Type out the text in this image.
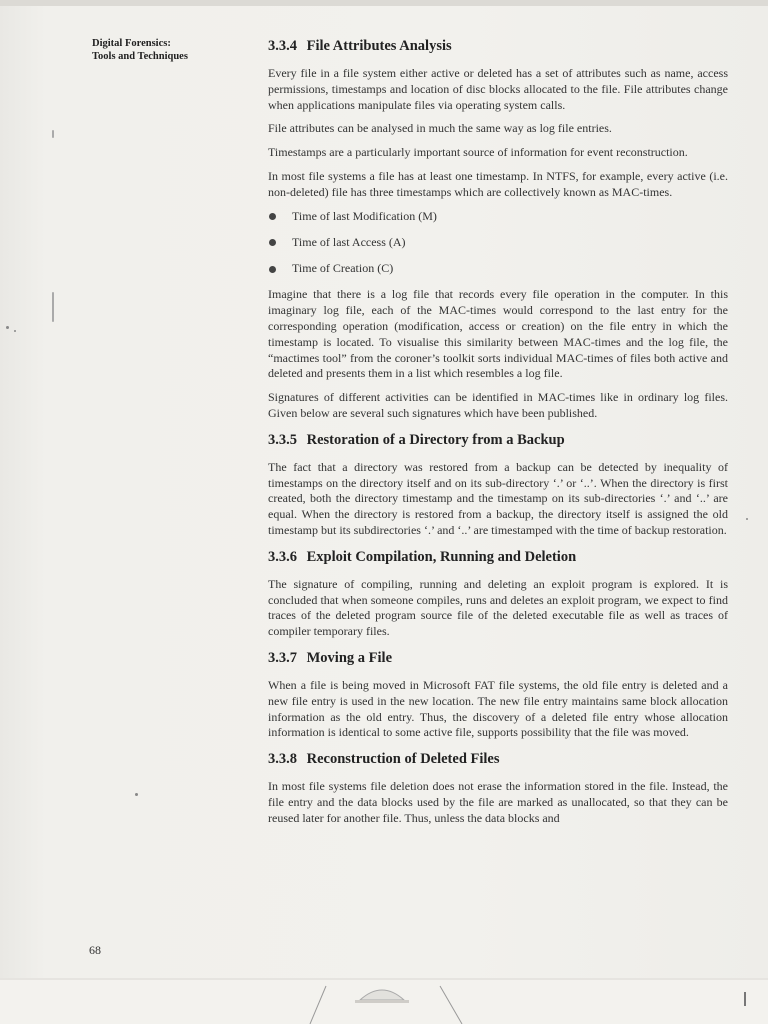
Digital Forensics:
Tools and Techniques
3.3.4 File Attributes Analysis

Every file in a file system either active or deleted has a set of attributes such as name, access permissions, timestamps and location of disc blocks allocated to the file. File attributes change when applications manipulate files via operating system calls.

File attributes can be analysed in much the same way as log file entries.

Timestamps are a particularly important source of information for event reconstruction.

In most file systems a file has at least one timestamp. In NTFS, for example, every active (i.e. non-deleted) file has three timestamps which are collectively known as MAC-times.

Time of last Modification (M)
Time of last Access (A)
Time of Creation (C)

Imagine that there is a log file that records every file operation in the computer. In this imaginary log file, each of the MAC-times would correspond to the last entry for the corresponding operation (modification, access or creation) on the file entry in which the timestamp is located. To visualise this similarity between MAC-times and the log file, the “mactimes tool” from the coroner’s toolkit sorts individual MAC-times of files both active and deleted and presents them in a list which resembles a log file.

Signatures of different activities can be identified in MAC-times like in ordinary log files. Given below are several such signatures which have been published.

3.3.5 Restoration of a Directory from a Backup

The fact that a directory was restored from a backup can be detected by inequality of timestamps on the directory itself and on its sub-directory ‘.’ or ‘..’. When the directory is first created, both the directory timestamp and the timestamp on its sub-directories ‘.’ and ‘..’ are equal. When the directory is restored from a backup, the directory itself is assigned the old timestamp but its subdirectories ‘.’ and ‘..’ are timestamped with the time of backup restoration.

3.3.6 Exploit Compilation, Running and Deletion

The signature of compiling, running and deleting an exploit program is explored. It is concluded that when someone compiles, runs and deletes an exploit program, we expect to find traces of the deleted program source file of the deleted executable file as well as traces of compiler temporary files.

3.3.7 Moving a File

When a file is being moved in Microsoft FAT file systems, the old file entry is deleted and a new file entry is used in the new location. The new file entry maintains same block allocation information as the old entry. Thus, the discovery of a deleted file entry whose allocation information is identical to some active file, supports possibility that the file was moved.

3.3.8 Reconstruction of Deleted Files

In most file systems file deletion does not erase the information stored in the file. Instead, the file entry and the data blocks used by the file are marked as unallocated, so that they can be reused later for another file. Thus, unless the data blocks and

68
